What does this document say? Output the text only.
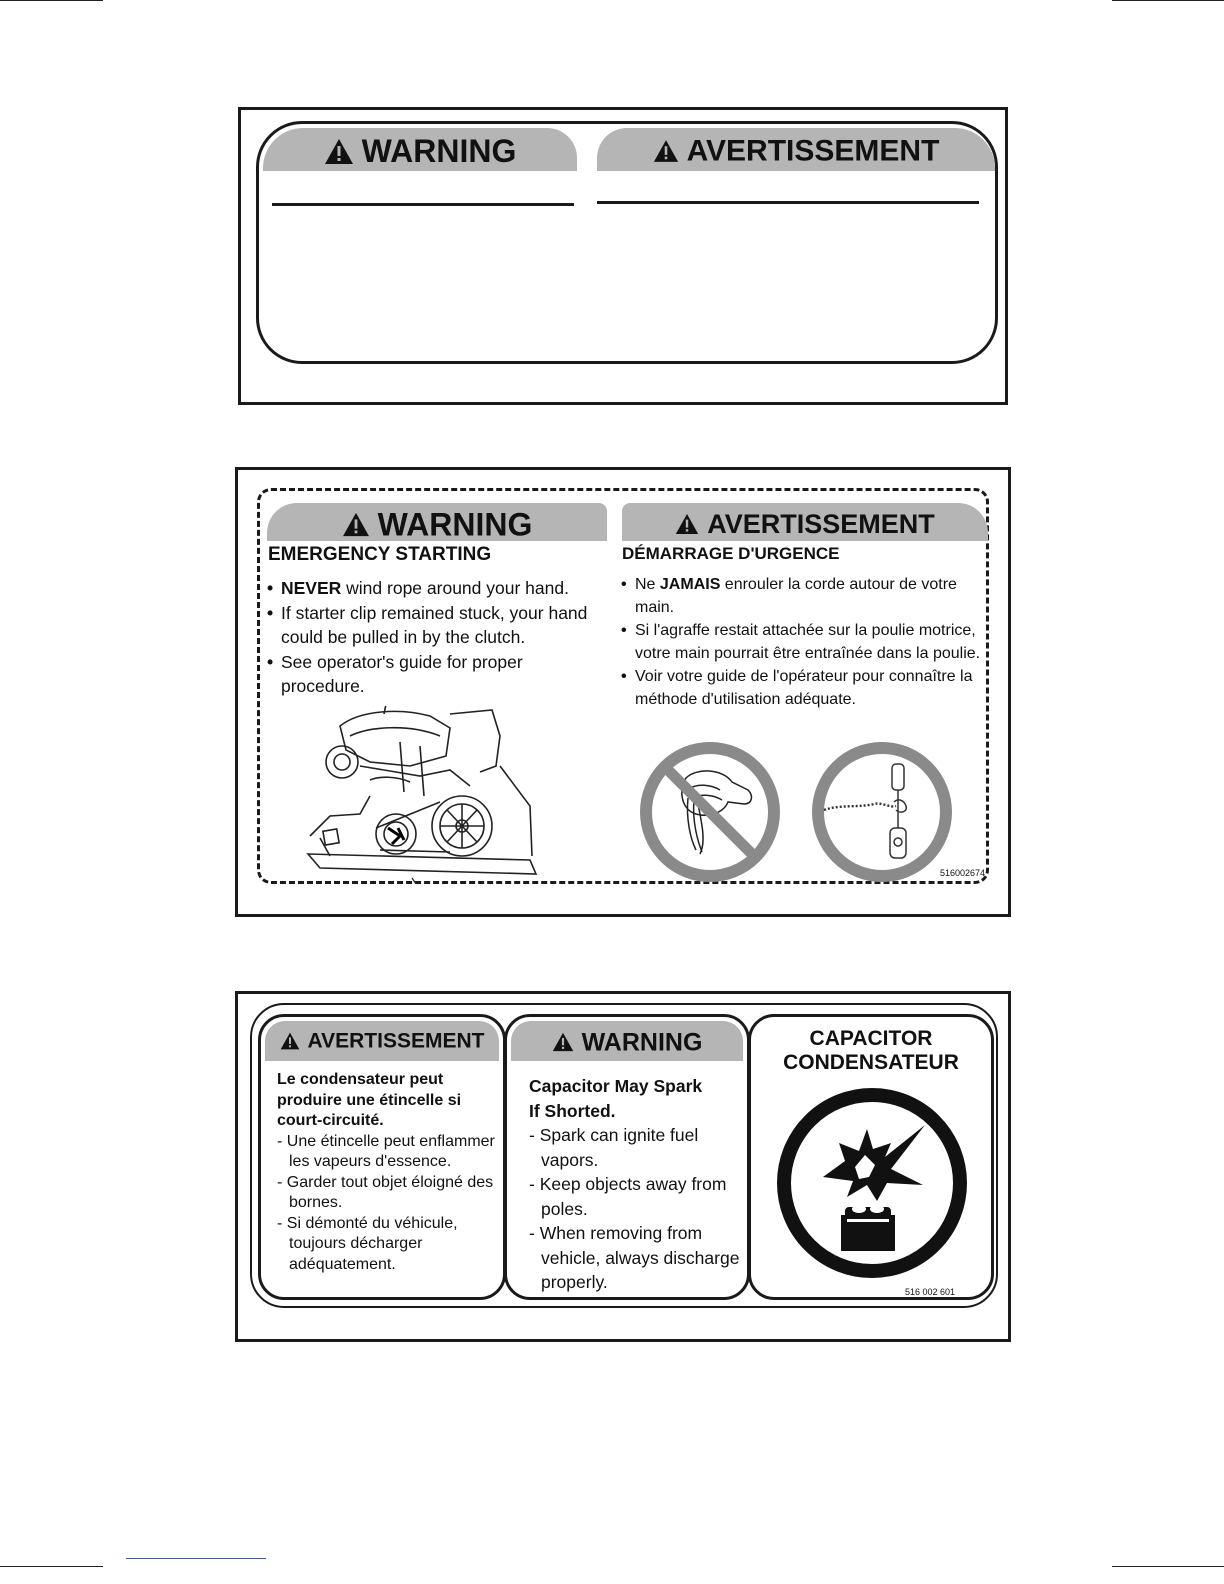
WARNING	AVERTISSEMENT
WARNING	AVERTISSEMENT
EMERGENCY STARTING	DÉMARRAGE D'URGENCE
• NEVER wind rope around your hand.
• If starter clip remained stuck, your hand could be pulled in by the clutch.
• See operator's guide for proper procedure.
• Ne JAMAIS enrouler la corde autour de votre main.
• Si l'agraffe restait attachée sur la poulie motrice, votre main pourrait être entraînée dans la poulie.
• Voir votre guide de l'opérateur pour connaître la méthode d'utilisation adéquate.
516002674
AVERTISSEMENT
Le condensateur peut
produire une étincelle si
court-circuité.
- Une étincelle peut enflammer les vapeurs d'essence.
- Garder tout objet éloigné des bornes.
- Si démonté du véhicule, toujours décharger adéquatement.
WARNING
Capacitor May Spark
If Shorted.
- Spark can ignite fuel vapors.
- Keep objects away from poles.
- When removing from vehicle, always discharge properly.
CAPACITOR
CONDENSATEUR
516 002 601
